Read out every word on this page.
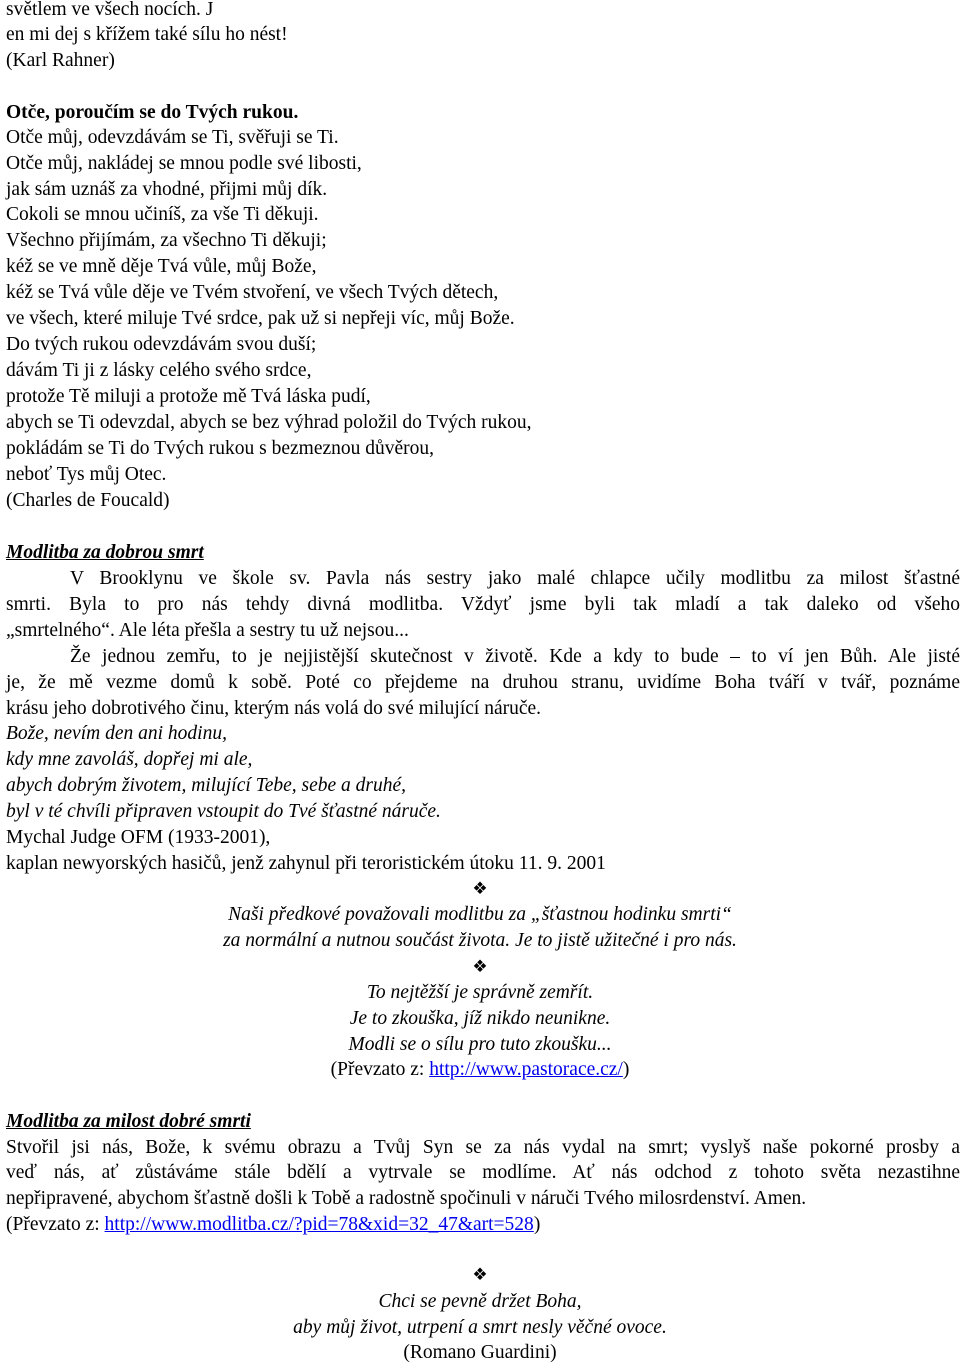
světlem ve všech nocích. J
en mi dej s křížem také sílu ho nést!
(Karl Rahner)
Otče, poroučím se do Tvých rukou.
Otče můj, odevzdávám se Ti, svěřuji se Ti.
Otče můj, nakládej se mnou podle své libosti,
jak sám uznáš za vhodné, přijmi můj dík.
Cokoli se mnou učiníš, za vše Ti děkuji.
Všechno přijímám, za všechno Ti děkuji;
kéž se ve mně děje Tvá vůle, můj Bože,
kéž se Tvá vůle děje ve Tvém stvoření, ve všech Tvých dětech,
ve všech, které miluje Tvé srdce, pak už si nepřeji víc, můj Bože.
Do tvých rukou odevzdávám svou duší;
dávám Ti ji z lásky celého svého srdce,
protože Tě miluji a protože mě Tvá láska pudí,
abych se Ti odevzdal, abych se bez výhrad položil do Tvých rukou,
pokládám se Ti do Tvých rukou s bezmeznou důvěrou,
neboť Tys můj Otec.
(Charles de Foucald)
Modlitba za dobrou smrt
V Brooklynu ve škole sv. Pavla nás sestry jako malé chlapce učily modlitbu za milost šťastné
smrti. Byla to pro nás tehdy divná modlitba. Vždyť jsme byli tak mladí a tak daleko od všeho
„smrtelného“. Ale léta přešla a sestry tu už nejsou...
Že jednou zemřu, to je nejjistější skutečnost v životě. Kde a kdy to bude – to ví jen Bůh. Ale jisté
je, že mě vezme domů k sobě. Poté co přejdeme na druhou stranu, uvidíme Boha tváří v tvář, poznáme
krásu jeho dobrotivého činu, kterým nás volá do své milující náruče.
Bože, nevím den ani hodinu,
kdy mne zavoláš, dopřej mi ale,
abych dobrým životem, milující Tebe, sebe a druhé,
byl v té chvíli připraven vstoupit do Tvé šťastné náruče.
Mychal Judge OFM (1933-2001),
kaplan newyorských hasičů, jenž zahynul při teroristickém útoku 11. 9. 2001
❖
Naši předkové považovali modlitbu za „šťastnou hodinku smrti“
za normální a nutnou součást života. Je to jistě užitečné i pro nás.
❖
To nejtěžší je správně zemřít.
Je to zkouška, jíž nikdo neunikne.
Modli se o sílu pro tuto zkoušku...
(Převzato z: http://www.pastorace.cz/)
Modlitba za milost dobré smrti
Stvořil jsi nás, Bože, k svému obrazu a Tvůj Syn se za nás vydal na smrt; vyslyš naše pokorné prosby a
veď nás, ať zůstáváme stále bdělí a vytrvale se modlíme. Ať nás odchod z tohoto světa nezastihne
nepřipravené, abychom šťastně došli k Tobě a radostně spočinuli v náruči Tvého milosrdenství. Amen.
(Převzato z: http://www.modlitba.cz/?pid=78&xid=32_47&art=528)
❖
Chci se pevně držet Boha,
aby můj život, utrpení a smrt nesly věčné ovoce.
(Romano Guardini)
